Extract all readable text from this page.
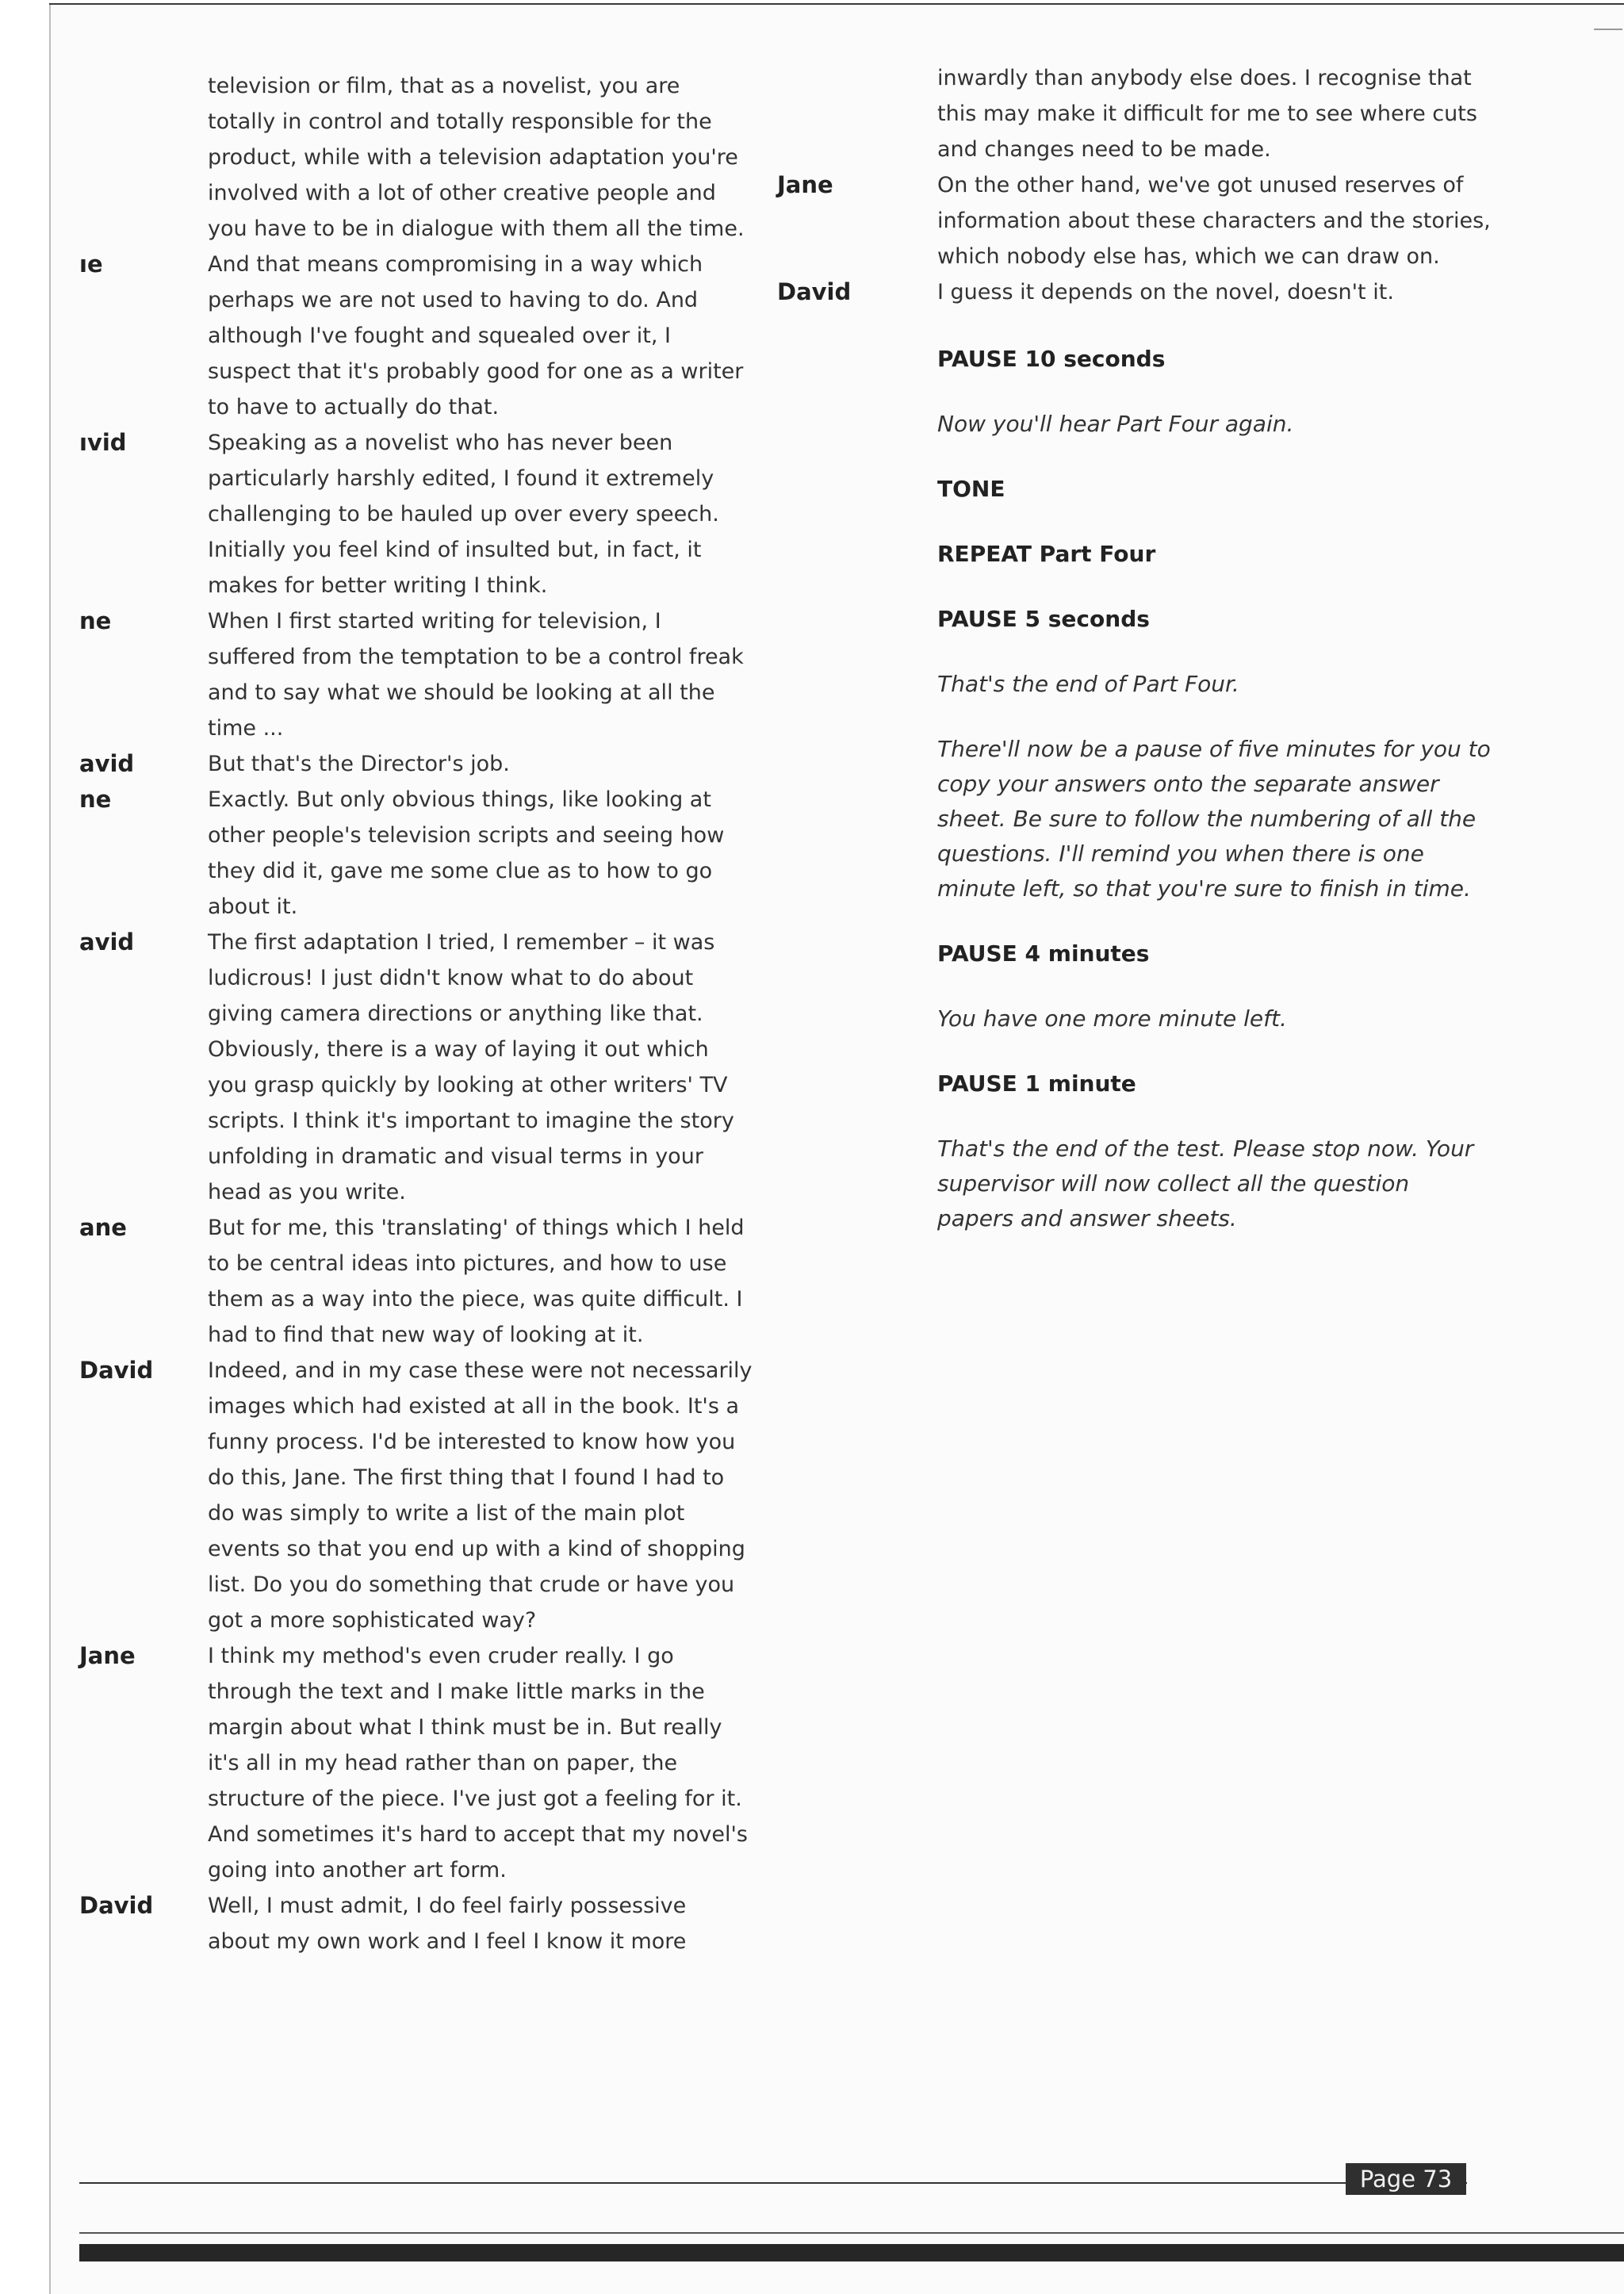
television or film, that as a novelist, you are totally in control and totally responsible for the product, while with a television adaptation you're involved with a lot of other creative people and you have to be in dialogue with them all the time.
ıe	And that means compromising in a way which perhaps we are not used to having to do. And although I've fought and squealed over it, I suspect that it's probably good for one as a writer to have to actually do that.
ıvid	Speaking as a novelist who has never been particularly harshly edited, I found it extremely challenging to be hauled up over every speech. Initially you feel kind of insulted but, in fact, it makes for better writing I think.
ne	When I first started writing for television, I suffered from the temptation to be a control freak and to say what we should be looking at all the time ...
avid	But that's the Director's job.
ne	Exactly. But only obvious things, like looking at other people's television scripts and seeing how they did it, gave me some clue as to how to go about it.
avid	The first adaptation I tried, I remember – it was ludicrous! I just didn't know what to do about giving camera directions or anything like that. Obviously, there is a way of laying it out which you grasp quickly by looking at other writers' TV scripts. I think it's important to imagine the story unfolding in dramatic and visual terms in your head as you write.
ane	But for me, this 'translating' of things which I held to be central ideas into pictures, and how to use them as a way into the piece, was quite difficult. I had to find that new way of looking at it.
David	Indeed, and in my case these were not necessarily images which had existed at all in the book. It's a funny process. I'd be interested to know how you do this, Jane. The first thing that I found I had to do was simply to write a list of the main plot events so that you end up with a kind of shopping list. Do you do something that crude or have you got a more sophisticated way?
Jane	I think my method's even cruder really. I go through the text and I make little marks in the margin about what I think must be in. But really it's all in my head rather than on paper, the structure of the piece. I've just got a feeling for it. And sometimes it's hard to accept that my novel's going into another art form.
David	Well, I must admit, I do feel fairly possessive about my own work and I feel I know it more
inwardly than anybody else does. I recognise that this may make it difficult for me to see where cuts and changes need to be made.
Jane	On the other hand, we've got unused reserves of information about these characters and the stories, which nobody else has, which we can draw on.
David	I guess it depends on the novel, doesn't it.
PAUSE 10 seconds
Now you'll hear Part Four again.
TONE
REPEAT Part Four
PAUSE 5 seconds
That's the end of Part Four.
There'll now be a pause of five minutes for you to copy your answers onto the separate answer sheet. Be sure to follow the numbering of all the questions. I'll remind you when there is one minute left, so that you're sure to finish in time.
PAUSE 4 minutes
You have one more minute left.
PAUSE 1 minute
That's the end of the test. Please stop now. Your supervisor will now collect all the question papers and answer sheets.
Page 73
